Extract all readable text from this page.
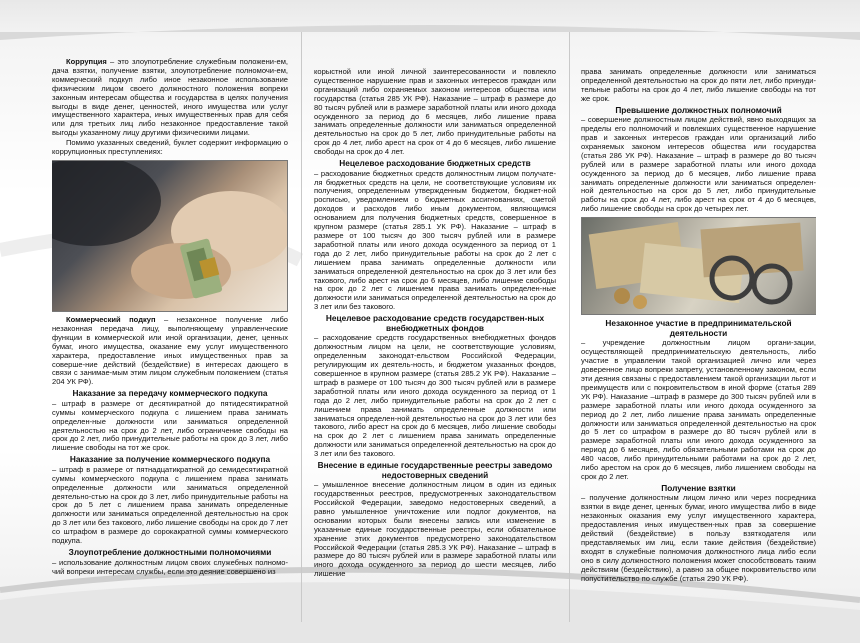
Коррупция – это злоупотребление служебным положени-ем, дача взятки, получение взятки, злоупотребление полномочи-ем, коммерческий подкуп либо иное незаконное использование физическим лицом своего должностного положения вопреки законным интересам общества и государства в целях получения выгоды в виде денег, ценностей, иного имущества или услуг имущественного характера, иных имущественных прав для себя или для третьих лиц либо незаконное предоставление такой выгоды указанному лицу другими физическими лицами.

Помимо указанных сведений, буклет содержит информацию о коррупционных преступлениях:

Коммерческий подкуп – незаконное получение либо незаконная передача лицу, выполняющему управленческие функции в коммерческой или иной организации, денег, ценных бумаг, иного имущества, оказание ему услуг имущественного характера, предоставление иных имущественных прав за соверше-ние действий (бездействие) в интересах дающего в связи с занимае-мым этим лицом служебным положением (статья 204 УК РФ).

Наказание за передачу коммерческого подкупа

– штраф в размере от десятикратной до пятидесятикратной суммы коммерческого подкупа с лишением права занимать определен-ные должности или заниматься определенной деятельностью на срок до 2 лет, либо ограничение свободы на срок до 2 лет, либо принудительные работы на срок до 3 лет, либо лишение свободы на тот же срок.

Наказание за получение коммерческого подкупа

– штраф в размере от пятнадцатикратной до семидесятикратной суммы коммерческого подкупа с лишением права занимать определенные должности или заниматься определенной деятельно-стью на срок до 3 лет, либо принудительные работы на срок до 5 лет с лишением права занимать определенные должности или заниматься определенной деятельностью на срок до 3 лет или без такового, либо лишение свободы на срок до 7 лет со штрафом в размере до сорокакратной суммы коммерческого подкупа.

Злоупотребление должностными полномочиями

– использование должностным лицом своих служебных полномо-чий вопреки интересам службы, если это деяние совершено из

корыстной или иной личной заинтересованности и повлекло существенное нарушение прав и законных интересов граждан или организаций либо охраняемых законом интересов общества или государства (статья 285 УК РФ). Наказание – штраф в размере до 80 тысяч рублей или в размере заработной платы или иного дохода осужденного за период до 6 месяцев, либо лишение права занимать определенные должности или заниматься определенной деятельностью на срок до 5 лет, либо принудительные работы на срок до 4 лет, либо арест на срок от 4 до 6 месяцев, либо лишение свободы на срок до 4 лет.

Нецелевое расходование бюджетных средств

– расходование бюджетных средств должностным лицом получате-ля бюджетных средств на цели, не соответствующие условиям их получения, определенным утвержденным бюджетом, бюджет-ной росписью, уведомлением о бюджетных ассигнованиях, сметой доходов и расходов либо иным документом, являющимся основанием для получения бюджетных средств, совершенное в крупном размере (статья 285.1 УК РФ). Наказание – штраф в размере от 100 тысяч до 300 тысяч рублей или в размере заработной платы или иного дохода осужденного за период от 1 года до 2 лет, либо принудительные работы на срок до 2 лет с лишением права занимать определенные должности или заниматься определенной деятельностью на срок до 3 лет или без такового, либо арест на срок до 6 месяцев, либо лишение свободы на срок до 2 лет с лишением права занимать определен-ные должности или заниматься определенной деятельностью на срок до 3 лет или без такового.

Нецелевое расходование средств государствен-ных внебюджетных фондов

– расходование средств государственных внебюджетных фондов должностным лицом на цели, не соответствующие условиям, определенным законодат-ельством Российской Федерации, регулирующим их деятель-ность, и бюджетом указанных фондов, совершенное в крупном размере (статья 285.2 УК РФ). Наказание – штраф в размере от 100 тысяч до 300 тысяч рублей или в размере заработной платы или иного дохода осужденного за период от 1 года до 2 лет, либо принудительные работы на срок до 2 лет с лишением права занимать определенные должности или заниматься определен-ной деятельностью на срок до 3 лет или без такового, либо арест на срок до 6 месяцев, либо лишение свободы на срок до 2 лет с лишением права занимать определенные должности или заниматься определенной деятельностью на срок до 3 лет или без такового.

Внесение в единые государственные реестры заведомо недостоверных сведений

– умышленное внесение должностным лицом в один из единых государственных реестров, предусмотренных законодательством Российской Федерации, заведомо недостоверных сведений, а равно умышленное уничтожение или подлог документов, на основании которых были внесены запись или изменение в указанные единые государственные реестры, если обязательное хранение этих документов предусмотрено законодательством Российской Федерации (статья 285.3 УК РФ). Наказание – штраф в размере до 80 тысяч рублей или в размере заработной платы или иного дохода осужденного за период до шести месяцев, либо лишение

права занимать определенные должности или заниматься определенной деятельностью на срок до пяти лет, либо принуди-тельные работы на срок до 4 лет, либо лишение свободы на тот же срок.

Превышение должностных полномочий

– совершение должностным лицом действий, явно выходящих за пределы его полномочий и повлекших существенное нарушение прав и законных интересов граждан или организаций либо охраняемых законом интересов общества или государства (статья 286 УК РФ). Наказание – штраф в размере до 80 тысяч рублей или в размере заработной платы или иного дохода осужденного за период до 6 месяцев, либо лишение права занимать определенные должности или заниматься определен-ной деятельностью на срок до 5 лет, либо принудительные работы на срок до 4 лет, либо арест на срок от 4 до 6 месяцев, либо лишение свободы на срок до четырех лет.

Незаконное участие в предпринимательской деятельности

– учреждение должностным лицом органи-зации, осуществляющей предпринимательскую деятельность, либо участие в управлении такой организацией лично или через доверенное лицо вопреки запрету, установленному законом, если эти деяния связаны с предоставлением такой организации льгот и преимуществ или с покровительством в иной форме (статья 289 УК РФ). Наказание –штраф в размере до 300 тысяч рублей или в размере заработной платы или иного дохода осужденного за период до 2 лет, либо лишение права занимать определенные должности или заниматься определенной деятельностью на срок до 5 лет со штрафом в размере до 80 тысяч рублей или в размере заработной платы или иного дохода осужденного за период до 6 месяцев, либо обязательными работами на срок до 480 часов, либо принудительными работами на срок до 2 лет, либо арестом на срок до 6 месяцев, либо лишением свободы на срок до 2 лет.

Получение взятки

– получение должностным лицом лично или через посредника взятки в виде денег, ценных бумаг, иного имущества либо в виде незаконных оказания ему услуг имущественного характера, предоставления иных имуществен-ных прав за совершение действий (бездействие) в пользу взяткодателя или представляемых им лиц, если такие действия (бездействие) входят в служебные полномочия должностного лица либо если оно в силу должностного положения может способствовать таким действиям (бездействию), а равно за общее покровительство или попустительство по службе (статья 290 УК РФ).
